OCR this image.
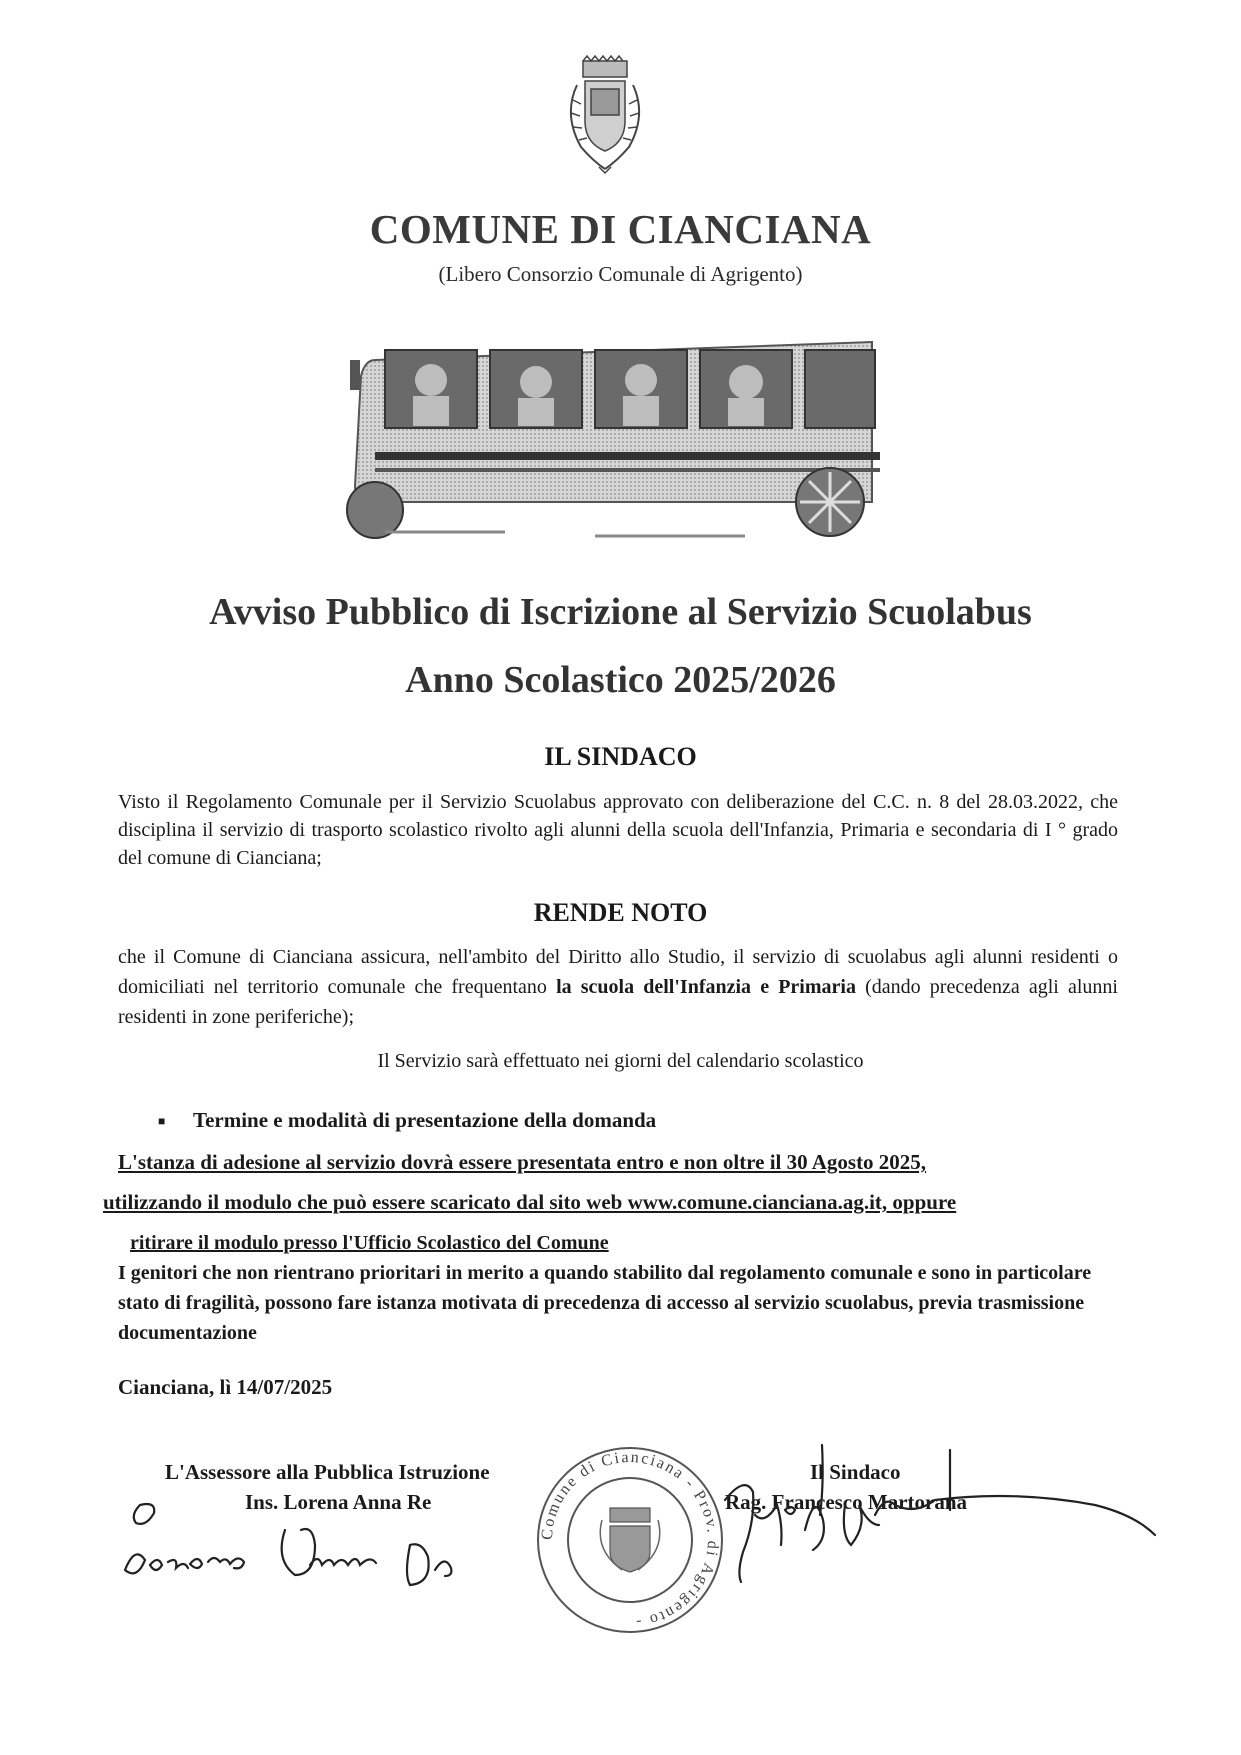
COMUNE DI CIANCIANA
(Libero Consorzio Comunale di Agrigento)
Avviso Pubblico di Iscrizione al Servizio Scuolabus
Anno Scolastico 2025/2026
IL SINDACO
Visto il Regolamento Comunale per il Servizio Scuolabus approvato con deliberazione del C.C. n. 8 del 28.03.2022, che disciplina il servizio di trasporto scolastico rivolto agli alunni della scuola dell'Infanzia, Primaria e secondaria di I ° grado del comune di Cianciana;
RENDE NOTO
che il Comune di Cianciana assicura, nell'ambito del Diritto allo Studio, il servizio di scuolabus agli alunni residenti o domiciliati nel territorio comunale che frequentano la scuola dell'Infanzia e Primaria (dando precedenza agli alunni residenti in zone periferiche);
Il Servizio sarà effettuato nei giorni del calendario scolastico
■ Termine e modalità di presentazione della domanda
L'stanza di adesione al servizio dovrà essere presentata entro e non oltre il 30 Agosto 2025,
utilizzando il modulo che può essere scaricato dal sito web www.comune.cianciana.ag.it, oppure
ritirare il modulo presso l'Ufficio Scolastico del Comune
I genitori che non rientrano prioritari in merito a quando stabilito dal regolamento comunale e sono in particolare stato di fragilità, possono fare istanza motivata di precedenza di accesso al servizio scuolabus, previa trasmissione documentazione
Cianciana, lì 14/07/2025
L'Assessore alla Pubblica Istruzione
Ins. Lorena Anna Re
Il Sindaco
Rag. Francesco Martorana
Comune di Cianciana - Prov. di Agrigento -
